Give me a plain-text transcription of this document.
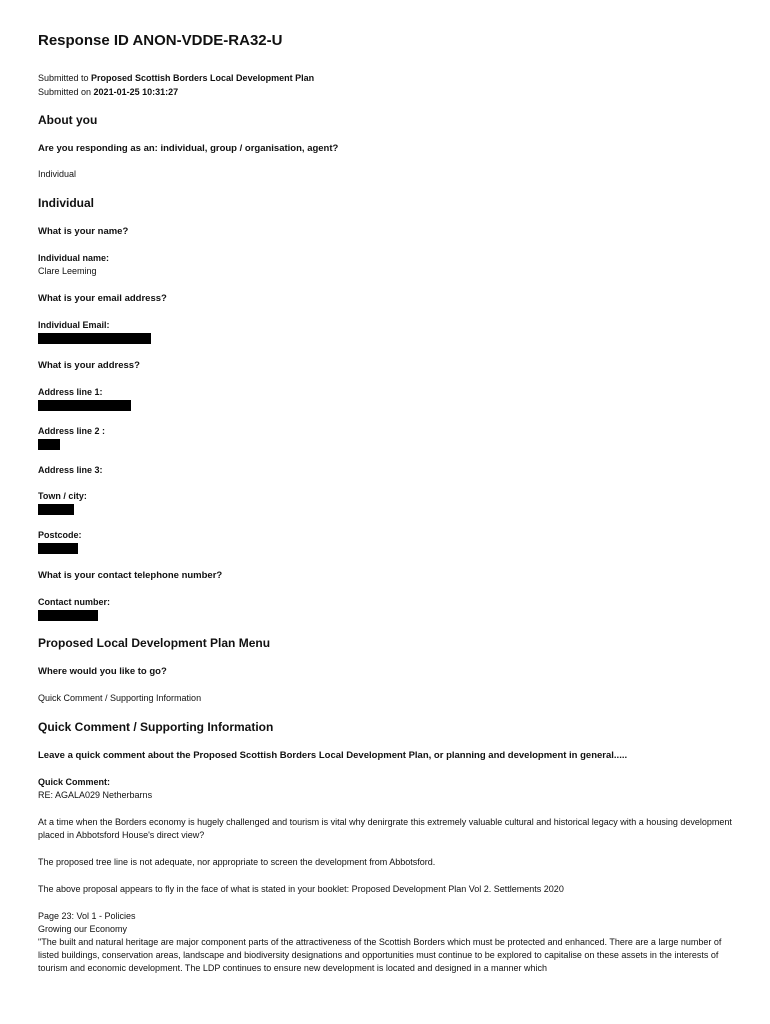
Response ID ANON-VDDE-RA32-U

Submitted to Proposed Scottish Borders Local Development Plan

Submitted on 2021-01-25 10:31:27

About you

Are you responding as an: individual, group / organisation, agent?

Individual

Individual

What is your name?

Individual name:

Clare Leeming

What is your email address?

Individual Email:

What is your address?

Address line 1:

Address line 2 :

Address line 3:

Town / city:

Postcode:

What is your contact telephone number?

Contact number:

Proposed Local Development Plan Menu

Where would you like to go?

Quick Comment / Supporting Information

Quick Comment / Supporting Information

Leave a quick comment about the Proposed Scottish Borders Local Development Plan, or planning and development in general.....

Quick Comment:

RE: AGALA029 Netherbarns

At a time when the Borders economy is hugely challenged and tourism is vital why denirgrate this extremely valuable cultural and historical legacy with a housing development placed in Abbotsford House's direct view?

The proposed tree line is not adequate, nor appropriate to screen the development from Abbotsford.

The above proposal appears to fly in the face of what is stated in your booklet: Proposed Development Plan Vol 2. Settlements 2020

Page 23: Vol 1 - Policies

Growing our Economy

"The built and natural heritage are major component parts of the attractiveness of the Scottish Borders which must be protected and enhanced. There are a large number of listed buildings, conservation areas, landscape and biodiversity designations and opportunities must continue to be explored to capitalise on these assets in the interests of tourism and economic development. The LDP continues to ensure new development is located and designed in a manner which
